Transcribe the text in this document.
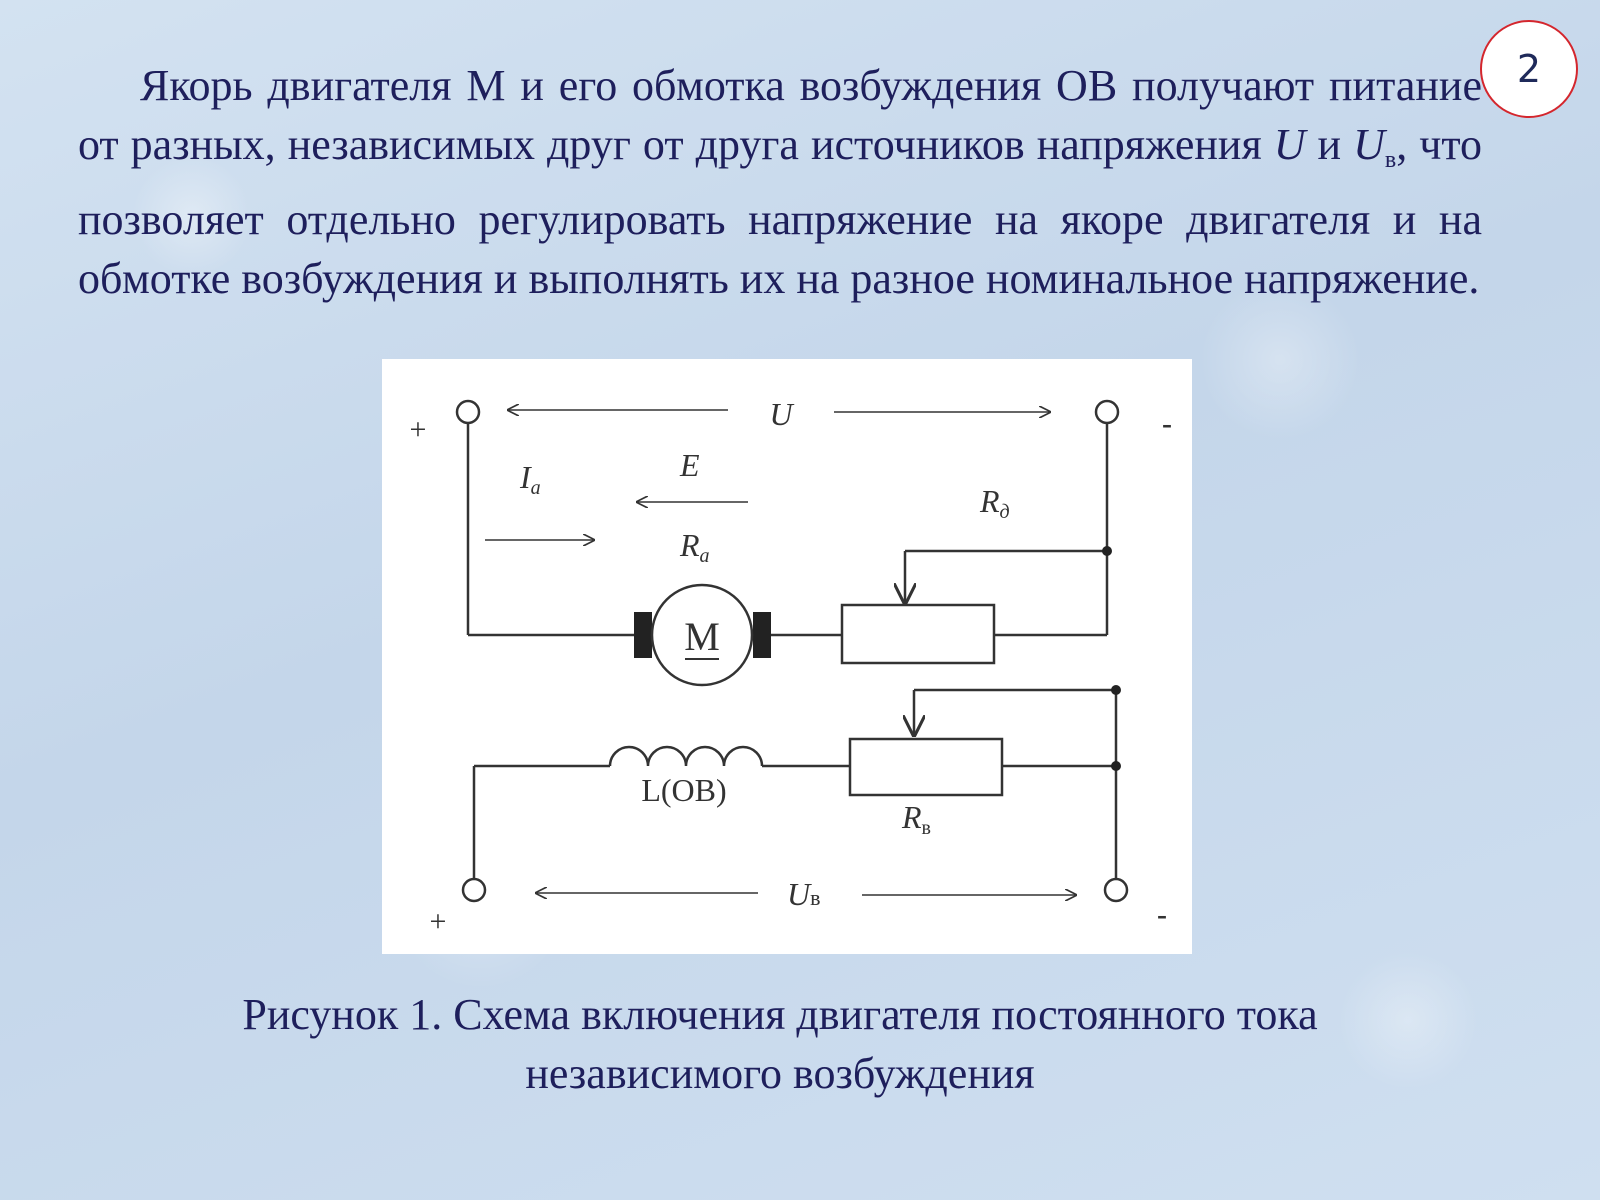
2
Якорь двигателя М и его обмотка возбуждения ОВ получают питание от разных, независимых друг от друга источников напряжения U и $U_в$, что позволяет отдельно регулировать напряжение на якоре двигателя и на обмотке возбуждения и выполнять их на разное номинальное напряжение.
М
+	-
U
Ia
E
Ra
Rд
L(ОВ)
Rв
+	-
Uв
Рисунок 1. Схема включения двигателя постоянного тока
независимого возбуждения
